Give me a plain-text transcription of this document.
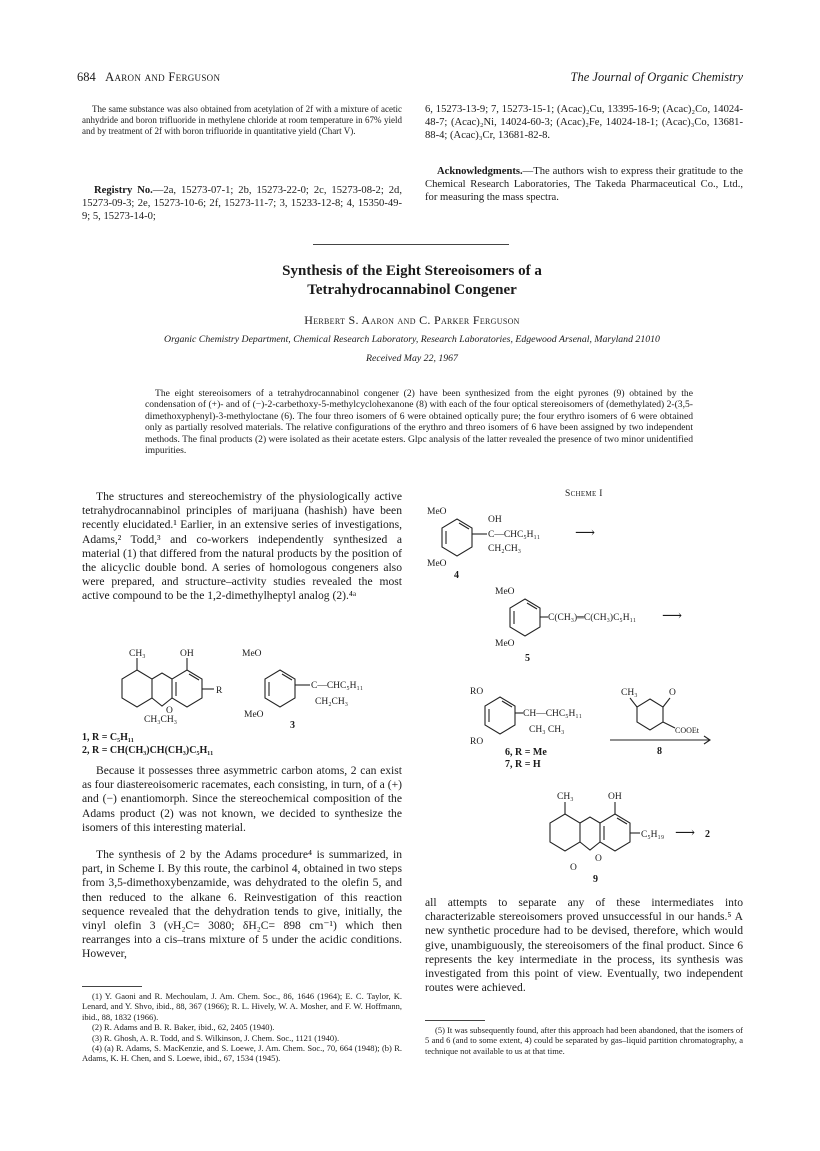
684 Aaron and Ferguson	The Journal of Organic Chemistry

The same substance was also obtained from acetylation of 2f with a mixture of acetic anhydride and boron trifluoride in methylene chloride at room temperature in 67% yield and by treatment of 2f with boron trifluoride in quantitative yield (Chart V).

Registry No.—2a, 15273-07-1; 2b, 15273-22-0; 2c, 15273-08-2; 2d, 15273-09-3; 2e, 15273-10-6; 2f, 15273-11-7; 3, 15233-12-8; 4, 15350-49-9; 5, 15273-14-0;

6, 15273-13-9; 7, 15273-15-1; (Acac)₂Cu, 13395-16-9; (Acac)₂Co, 14024-48-7; (Acac)₂Ni, 14024-60-3; (Acac)₂Fe, 14024-18-1; (Acac)₃Co, 13681-88-4; (Acac)₃Cr, 13681-82-8.

Acknowledgments.—The authors wish to express their gratitude to the Chemical Research Laboratories, The Takeda Pharmaceutical Co., Ltd., for measuring the mass spectra.

Synthesis of the Eight Stereoisomers of a
Tetrahydrocannabinol Congener
Herbert S. Aaron and C. Parker Ferguson
Organic Chemistry Department, Chemical Research Laboratory, Research Laboratories, Edgewood Arsenal, Maryland 21010
Received May 22, 1967

The eight stereoisomers of a tetrahydrocannabinol congener (2) have been synthesized from the eight pyrones (9) obtained by the condensation of (+)- and of (−)-2-carbethoxy-5-methylcyclohexanone (8) with each of the four optical stereoisomers of (demethylated) 2-(3,5-dimethoxyphenyl)-3-methyloctane (6). The four threo isomers of 6 were obtained optically pure; the four erythro isomers of 6 were obtained only as partially resolved materials. The relative configurations of the erythro and threo isomers of 6 have been assigned by two independent methods. The final products (2) were isolated as their acetate esters. Glpc analysis of the latter revealed the presence of two minor unidentified impurities.

The structures and stereochemistry of the physiologically active tetrahydrocannabinol principles of marijuana (hashish) have been recently elucidated.¹ Earlier, in an extensive series of investigations, Adams,² Todd,³ and co-workers independently synthesized a material (1) that differed from the natural products by the position of the alicyclic double bond. A series of homologous congeners also were prepared, and structure–activity studies revealed the most active compound to be the 1,2-dimethylheptyl analog (2).⁴ᵃ

CH₃	OH
R
O
CH₃CH₃
MeO
MeO
C—CHC₅H₁₁
CH₂CH₃
3
1, R = C₅H₁₁
2, R = CH(CH₃)CH(CH₃)C₅H₁₁

Because it possesses three asymmetric carbon atoms, 2 can exist as four diastereoisomeric racemates, each consisting, in turn, of a (+) and (−) enantiomorph. Since the stereochemical composition of the Adams product (2) was not known, we decided to synthesize the isomers of this interesting material.

The synthesis of 2 by the Adams procedure⁴ is summarized, in part, in Scheme I. By this route, the carbinol 4, obtained in two steps from 3,5-dimethoxybenzamide, was dehydrated to the olefin 5, and then reduced to the alkane 6. Reinvestigation of this reaction sequence revealed that the dehydration tends to give, initially, the vinyl olefin 3 (νH₂C= 3080; δH₂C= 898 cm⁻¹) which then rearranges into a cis–trans mixture of 5 under the acidic conditions. However,

(1) Y. Gaoni and R. Mechoulam, J. Am. Chem. Soc., 86, 1646 (1964); E. C. Taylor, K. Lenard, and Y. Shvo, ibid., 88, 367 (1966); R. L. Hively, W. A. Mosher, and F. W. Hoffmann, ibid., 88, 1832 (1966).

(2) R. Adams and B. R. Baker, ibid., 62, 2405 (1940).

(3) R. Ghosh, A. R. Todd, and S. Wilkinson, J. Chem. Soc., 1121 (1940).

(4) (a) R. Adams, S. MacKenzie, and S. Loewe, J. Am. Chem. Soc., 70, 664 (1948); (b) R. Adams, K. H. Chen, and S. Loewe, ibid., 67, 1534 (1945).

Scheme I
MeO
OH
C—CHC₅H₁₁
CH₂CH₃
MeO
4
⟶
MeO
C(CH₃)═C(CH₃)C₅H₁₁
MeO
⟶
5
RO
CH—CHC₅H₁₁
CH₃ CH₃
RO
6, R = Me
7, R = H
CH₃	O
COOEt
8
CH₃	OH
C₅H₁₉
O
O
⟶ 2
9

all attempts to separate any of these intermediates into characterizable stereoisomers proved unsuccessful in our hands.⁵ A new synthetic procedure had to be devised, therefore, which would give, unambiguously, the stereoisomers of the final product. Since 6 represents the key intermediate in the process, its synthesis was investigated from this point of view. Eventually, two independent routes were achieved.

(5) It was subsequently found, after this approach had been abandoned, that the isomers of 5 and 6 (and to some extent, 4) could be separated by gas–liquid partition chromatography, a technique not available to us at that time.
